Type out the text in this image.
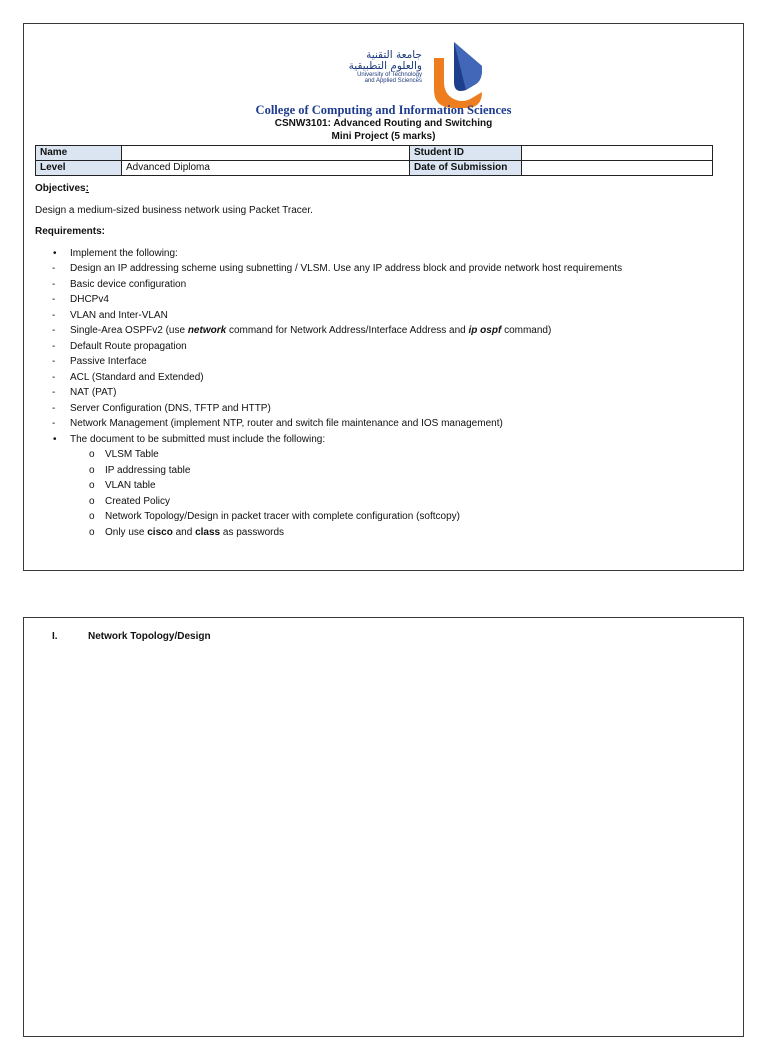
جامعة التقنية
والعلوم التطبيقية
University of Technology
and Applied Sciences
College of Computing and Information Sciences
CSNW3101: Advanced Routing and Switching
Mini Project (5 marks)
Name		Student ID	
Level	Advanced Diploma	Date of Submission	
Objectives:
Design a medium-sized business network using Packet Tracer.
Requirements:
• Implement the following:
- Design an IP addressing scheme using subnetting / VLSM. Use any IP address block and provide network host requirements
- Basic device configuration
- DHCPv4
- VLAN and Inter-VLAN
- Single-Area OSPFv2 (use network command for Network Address/Interface Address and ip ospf command)
- Default Route propagation
- Passive Interface
- ACL (Standard and Extended)
- NAT (PAT)
- Server Configuration (DNS, TFTP and HTTP)
- Network Management (implement NTP, router and switch file maintenance and IOS management)
• The document to be submitted must include the following:
o VLSM Table
o IP addressing table
o VLAN table
o Created Policy
o Network Topology/Design in packet tracer with complete configuration (softcopy)
o Only use cisco and class as passwords
I.	Network Topology/Design
